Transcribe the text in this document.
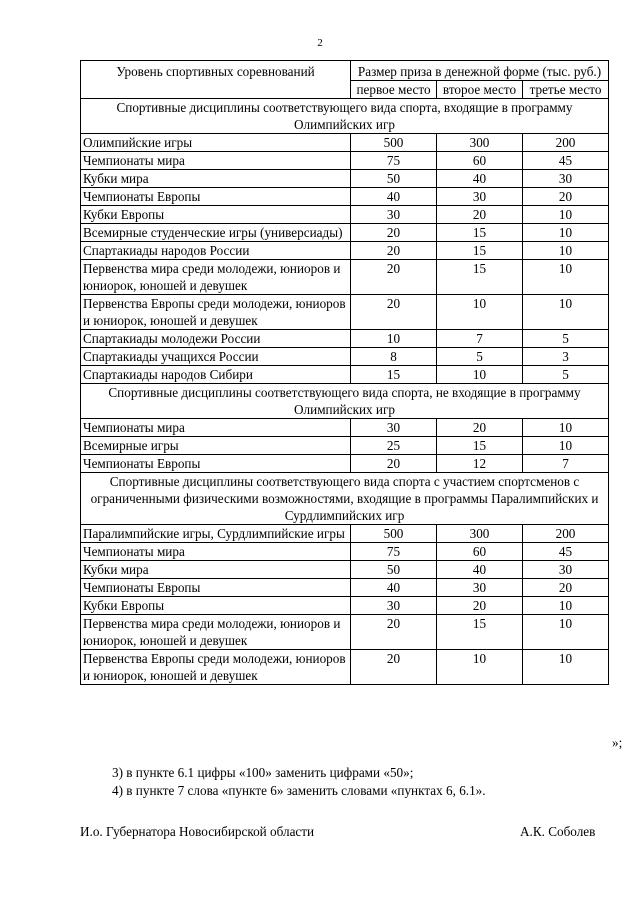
2
Уровень спортивных соревнований	Размер приза в денежной форме (тыс. руб.)		
	первое место	второе место	третье место
Спортивные дисциплины соответствующего вида спорта, входящие в программу Олимпийских игр			
Олимпийские игры	500	300	200
Чемпионаты мира	75	60	45
Кубки мира	50	40	30
Чемпионаты Европы	40	30	20
Кубки Европы	30	20	10
Всемирные студенческие игры (универсиады)	20	15	10
Спартакиады народов России	20	15	10
Первенства мира среди молодежи, юниоров и юниорок, юношей и девушек	20	15	10
Первенства Европы среди молодежи, юниоров и юниорок, юношей и девушек	20	10	10
Спартакиады молодежи России	10	7	5
Спартакиады учащихся России	8	5	3
Спартакиады народов Сибири	15	10	5
Спортивные дисциплины соответствующего вида спорта, не входящие в программу Олимпийских игр			
Чемпионаты мира	30	20	10
Всемирные игры	25	15	10
Чемпионаты Европы	20	12	7
Спортивные дисциплины соответствующего вида спорта с участием спортсменов с ограниченными физическими возможностями, входящие в программы Паралимпийских и Сурдлимпийских игр			
Паралимпийские игры, Сурдлимпийские игры	500	300	200
Чемпионаты мира	75	60	45
Кубки мира	50	40	30
Чемпионаты Европы	40	30	20
Кубки Европы	30	20	10
Первенства мира среди молодежи, юниоров и юниорок, юношей и девушек	20	15	10
Первенства Европы среди молодежи, юниоров и юниорок, юношей и девушек	20	10	10
»;
3) в пункте 6.1 цифры «100» заменить цифрами «50»;
4) в пункте 7 слова «пункте 6» заменить словами «пунктах 6, 6.1».
И.о. Губернатора Новосибирской области	А.К. Соболев
